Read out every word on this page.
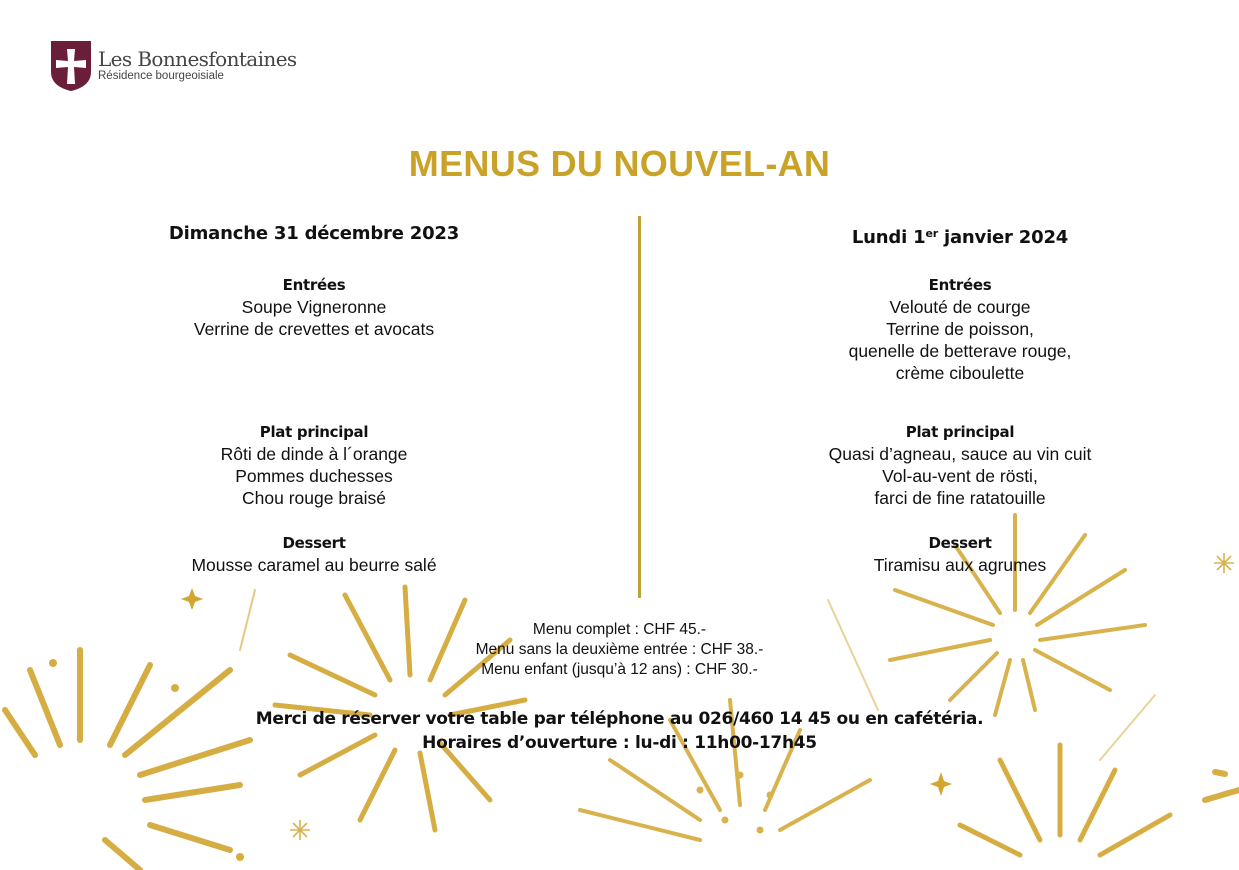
Les Bonnesfontaines
Résidence bourgeoisiale
MENUS DU NOUVEL-AN
Dimanche 31 décembre 2023
Entrées
Soupe Vigneronne
Verrine de crevettes et avocats
Plat principal
Rôti de dinde à l´orange
Pommes duchesses
Chou rouge braisé
Dessert
Mousse caramel au beurre salé
Lundi 1er janvier 2024
Entrées
Velouté de courge
Terrine de poisson,
quenelle de betterave rouge,
crème ciboulette
Plat principal
Quasi d’agneau, sauce au vin cuit
Vol-au-vent de rösti,
farci de fine ratatouille
Dessert
Tiramisu aux agrumes
Menu complet : CHF 45.-
Menu sans la deuxième entrée : CHF 38.-
Menu enfant (jusqu’à 12 ans) : CHF 30.-
Merci de réserver votre table par téléphone au 026/460 14 45 ou en cafétéria.
Horaires d’ouverture : lu-di : 11h00-17h45
